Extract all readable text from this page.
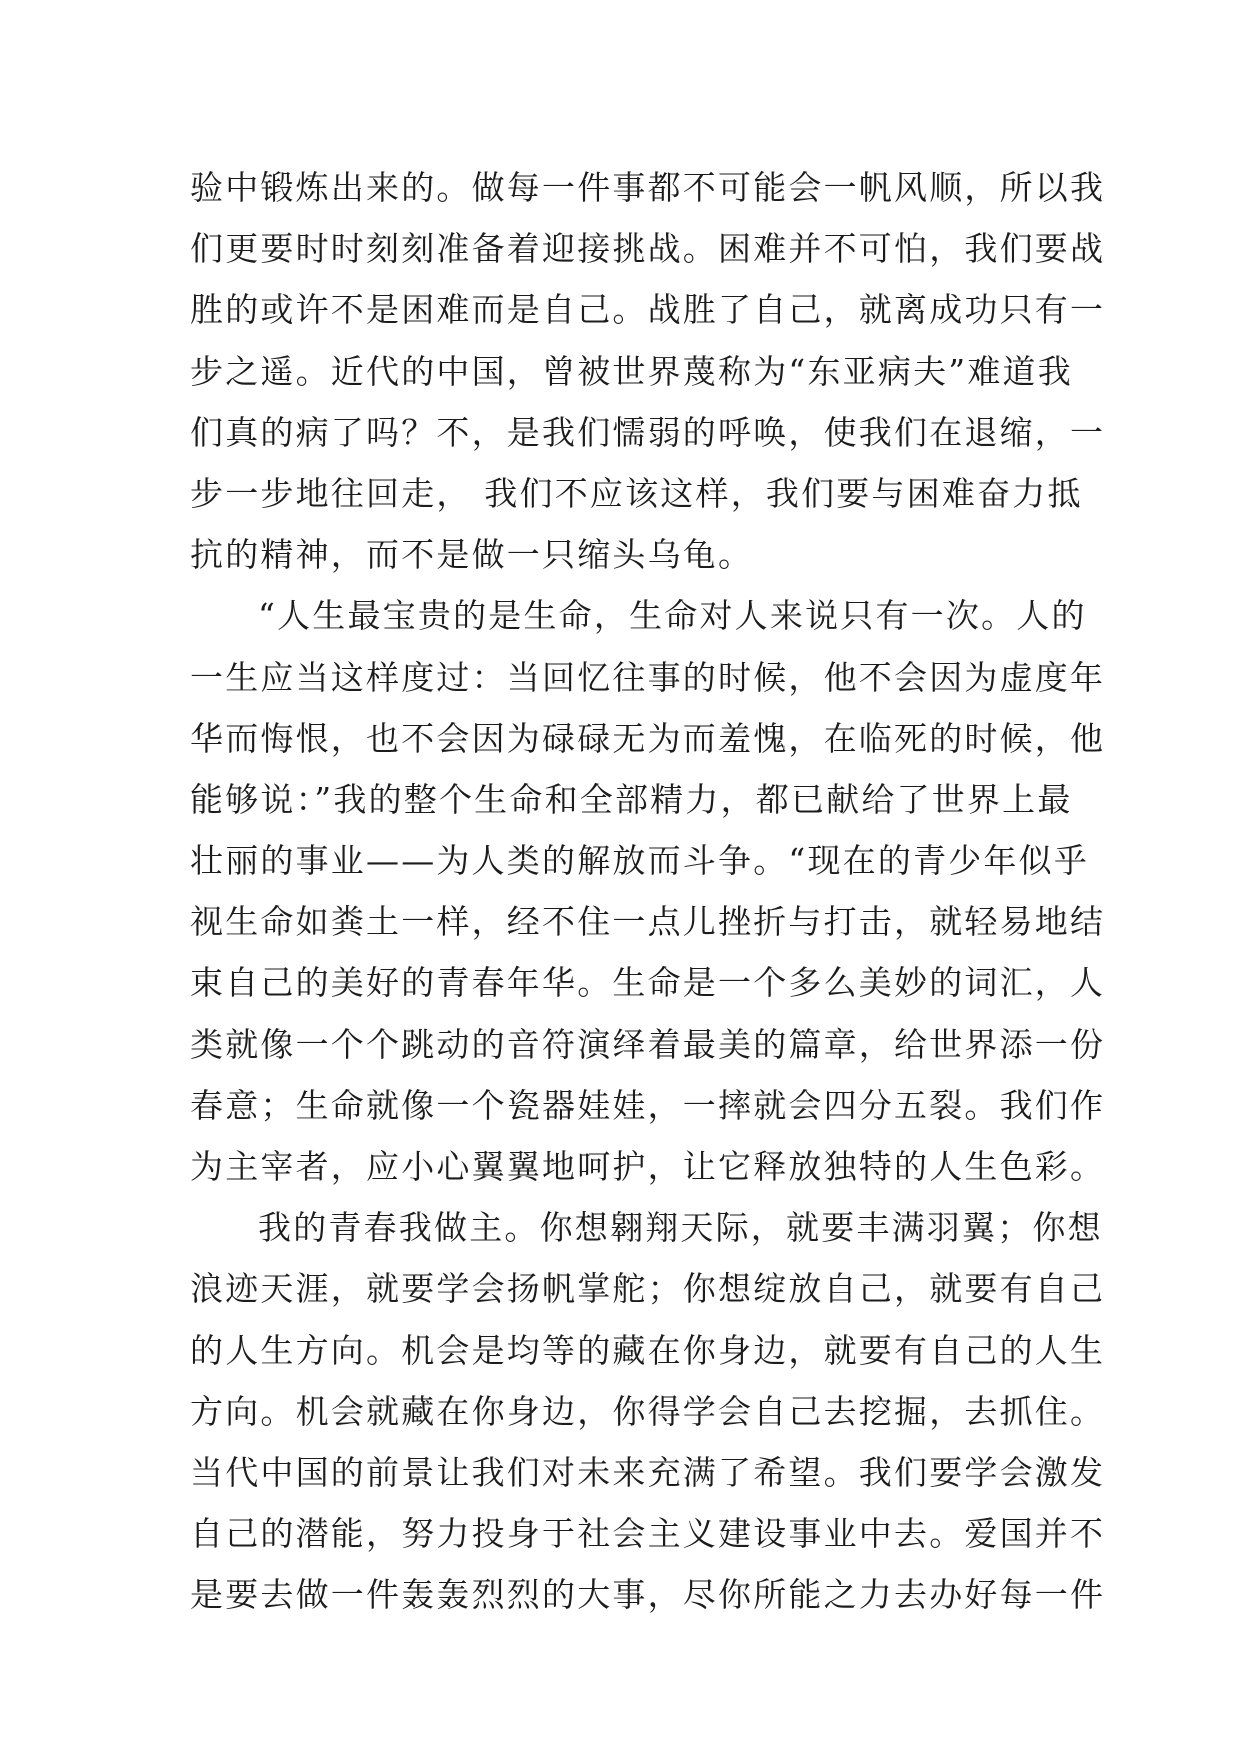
验中锻炼出来的。做每一件事都不可能会一帆风顺，所以我
们更要时时刻刻准备着迎接挑战。困难并不可怕，我们要战
胜的或许不是困难而是自己。战胜了自己，就离成功只有一
步之遥。近代的中国，曾被世界蔑称为“东亚病夫”难道我
们真的病了吗？不，是我们懦弱的呼唤，使我们在退缩，一
步一步地往回走， 我们不应该这样，我们要与困难奋力抵
抗的精神，而不是做一只缩头乌龟。
“人生最宝贵的是生命，生命对人来说只有一次。人的
一生应当这样度过：当回忆往事的时候，他不会因为虚度年
华而悔恨，也不会因为碌碌无为而羞愧，在临死的时候，他
能够说：”我的整个生命和全部精力，都已献给了世界上最
壮丽的事业——为人类的解放而斗争。“现在的青少年似乎
视生命如粪土一样，经不住一点儿挫折与打击，就轻易地结
束自己的美好的青春年华。生命是一个多么美妙的词汇，人
类就像一个个跳动的音符演绎着最美的篇章，给世界添一份
春意；生命就像一个瓷器娃娃，一摔就会四分五裂。我们作
为主宰者，应小心翼翼地呵护，让它释放独特的人生色彩。
我的青春我做主。你想翱翔天际，就要丰满羽翼；你想
浪迹天涯，就要学会扬帆掌舵；你想绽放自己，就要有自己
的人生方向。机会是均等的藏在你身边，就要有自己的人生
方向。机会就藏在你身边，你得学会自己去挖掘，去抓住。
当代中国的前景让我们对未来充满了希望。我们要学会激发
自己的潜能，努力投身于社会主义建设事业中去。爱国并不
是要去做一件轰轰烈烈的大事，尽你所能之力去办好每一件
